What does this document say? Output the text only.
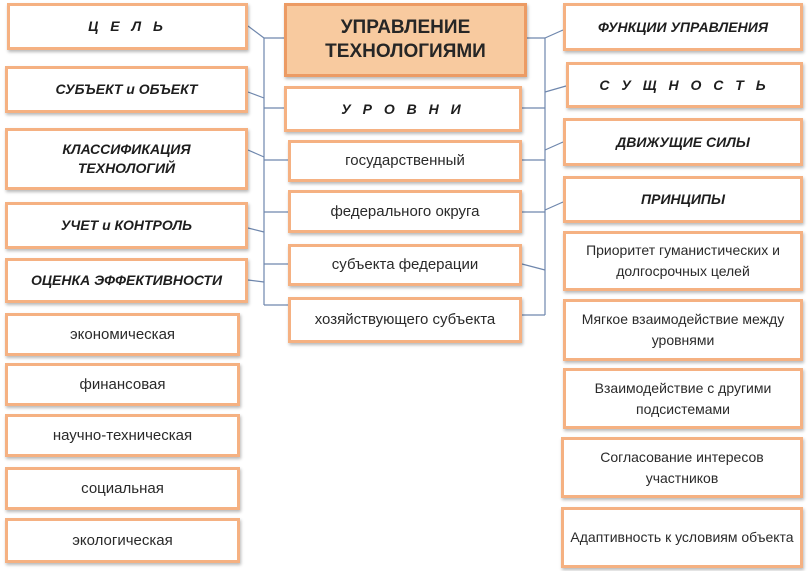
УПРАВЛЕНИЕ ТЕХНОЛОГИЯМИ
У Р О В Н И
государственный
федерального округа
субъекта федерации
хозяйствующего субъекта
Ц Е Л Ь
СУБЪЕКТ и ОБЪЕКТ
КЛАССИФИКАЦИЯ ТЕХНОЛОГИЙ
УЧЕТ и КОНТРОЛЬ
ОЦЕНКА ЭФФЕКТИВНОСТИ
экономическая
финансовая
научно-техническая
социальная
экологическая
ФУНКЦИИ УПРАВЛЕНИЯ
С У Щ Н О С Т Ь
ДВИЖУЩИЕ СИЛЫ
ПРИНЦИПЫ
Приоритет гуманистических и долгосрочных целей
Мягкое взаимодействие между уровнями
Взаимодействие с другими подсистемами
Согласование интересов участников
Адаптивность к условиям объекта
